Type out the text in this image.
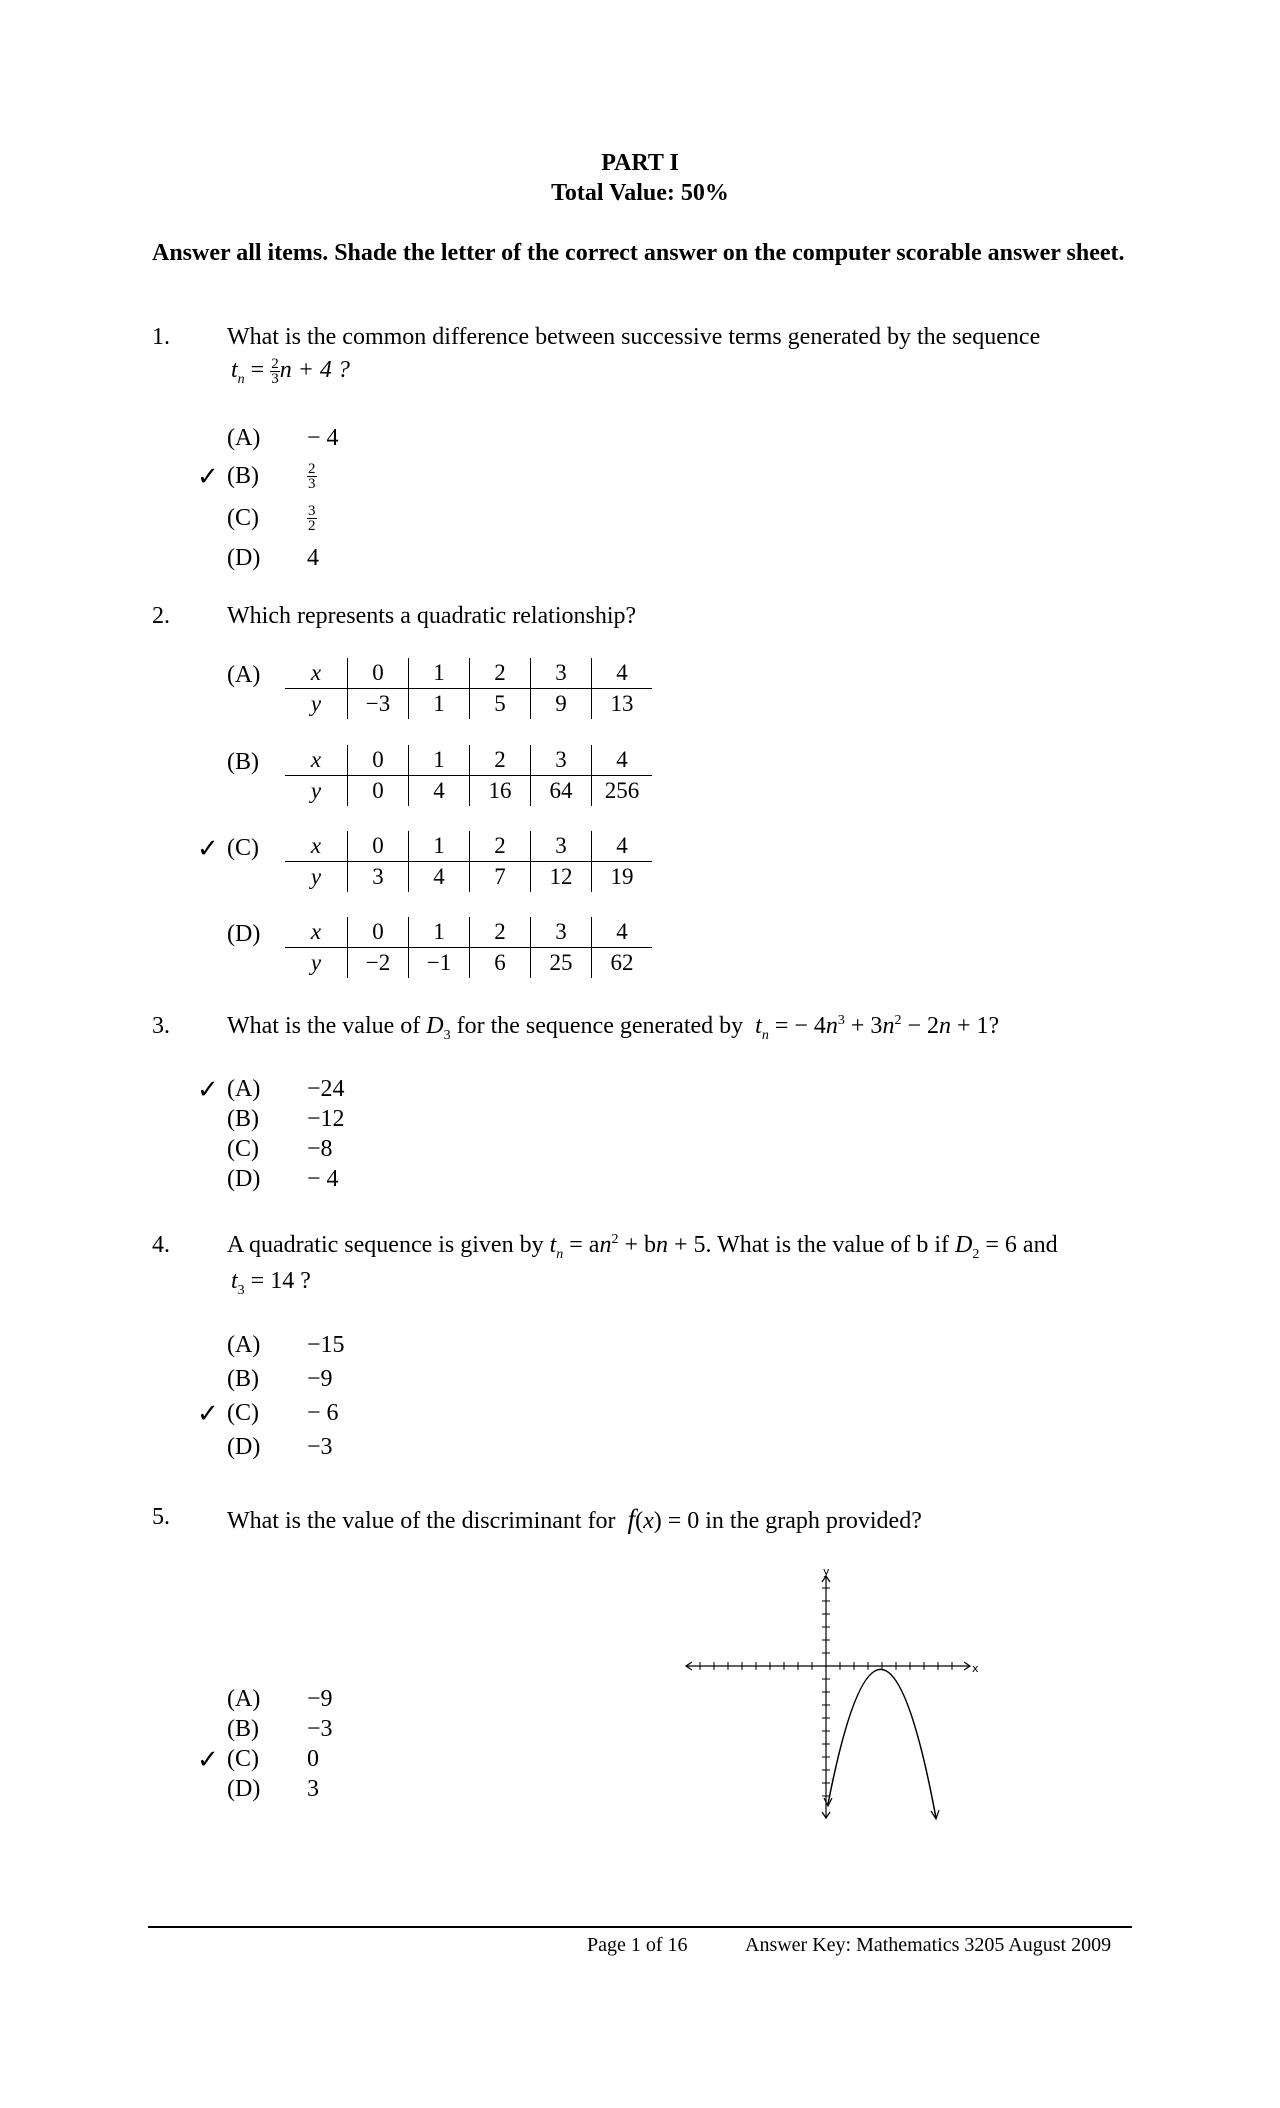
PART I
Total Value: 50%
Answer all items. Shade the letter of the correct answer on the computer scorable answer sheet.
1. What is the common difference between successive terms generated by the sequence
$t_n = \frac{2}{3}$ n + 4 ?
(A) − 4
✓ (B)	$\frac{2}{3}$
(C)	$\frac{3}{2}$
(D) 4
2. Which represents a quadratic relationship?
(A) x	0	1	2	3	4
y	−3	1	5	9	13
(B) x	0	1	2	3	4
y	0	4	16	64	256
✓ (C) x	0	1	2	3	4
y	3	4	7	12	19
(D) x	0	1	2	3	4
y	−2	−1	6	25	62
3. What is the value of $D_3$ for the sequence generated by $t_n$ = − $4n^3 + 3n^2 - 2n + 1$?
✓ (A) −24
(B) −12
(C) −8
(D) − 4
4. A quadratic sequence is given by $t_n = an^2$ + bn + 5. What is the value of b if $D_2 = 6$ and
$t_3 = 14$ ?
(A) −15
(B) −9
✓ (C) − 6
(D) −3
5. What is the value of the discriminant for f(x) = 0 in the graph provided?
(A) −9
(B) −3
✓ (C) 0
(D) 3
x
y
Page 1 of 16	Answer Key: Mathematics 3205 August 2009
